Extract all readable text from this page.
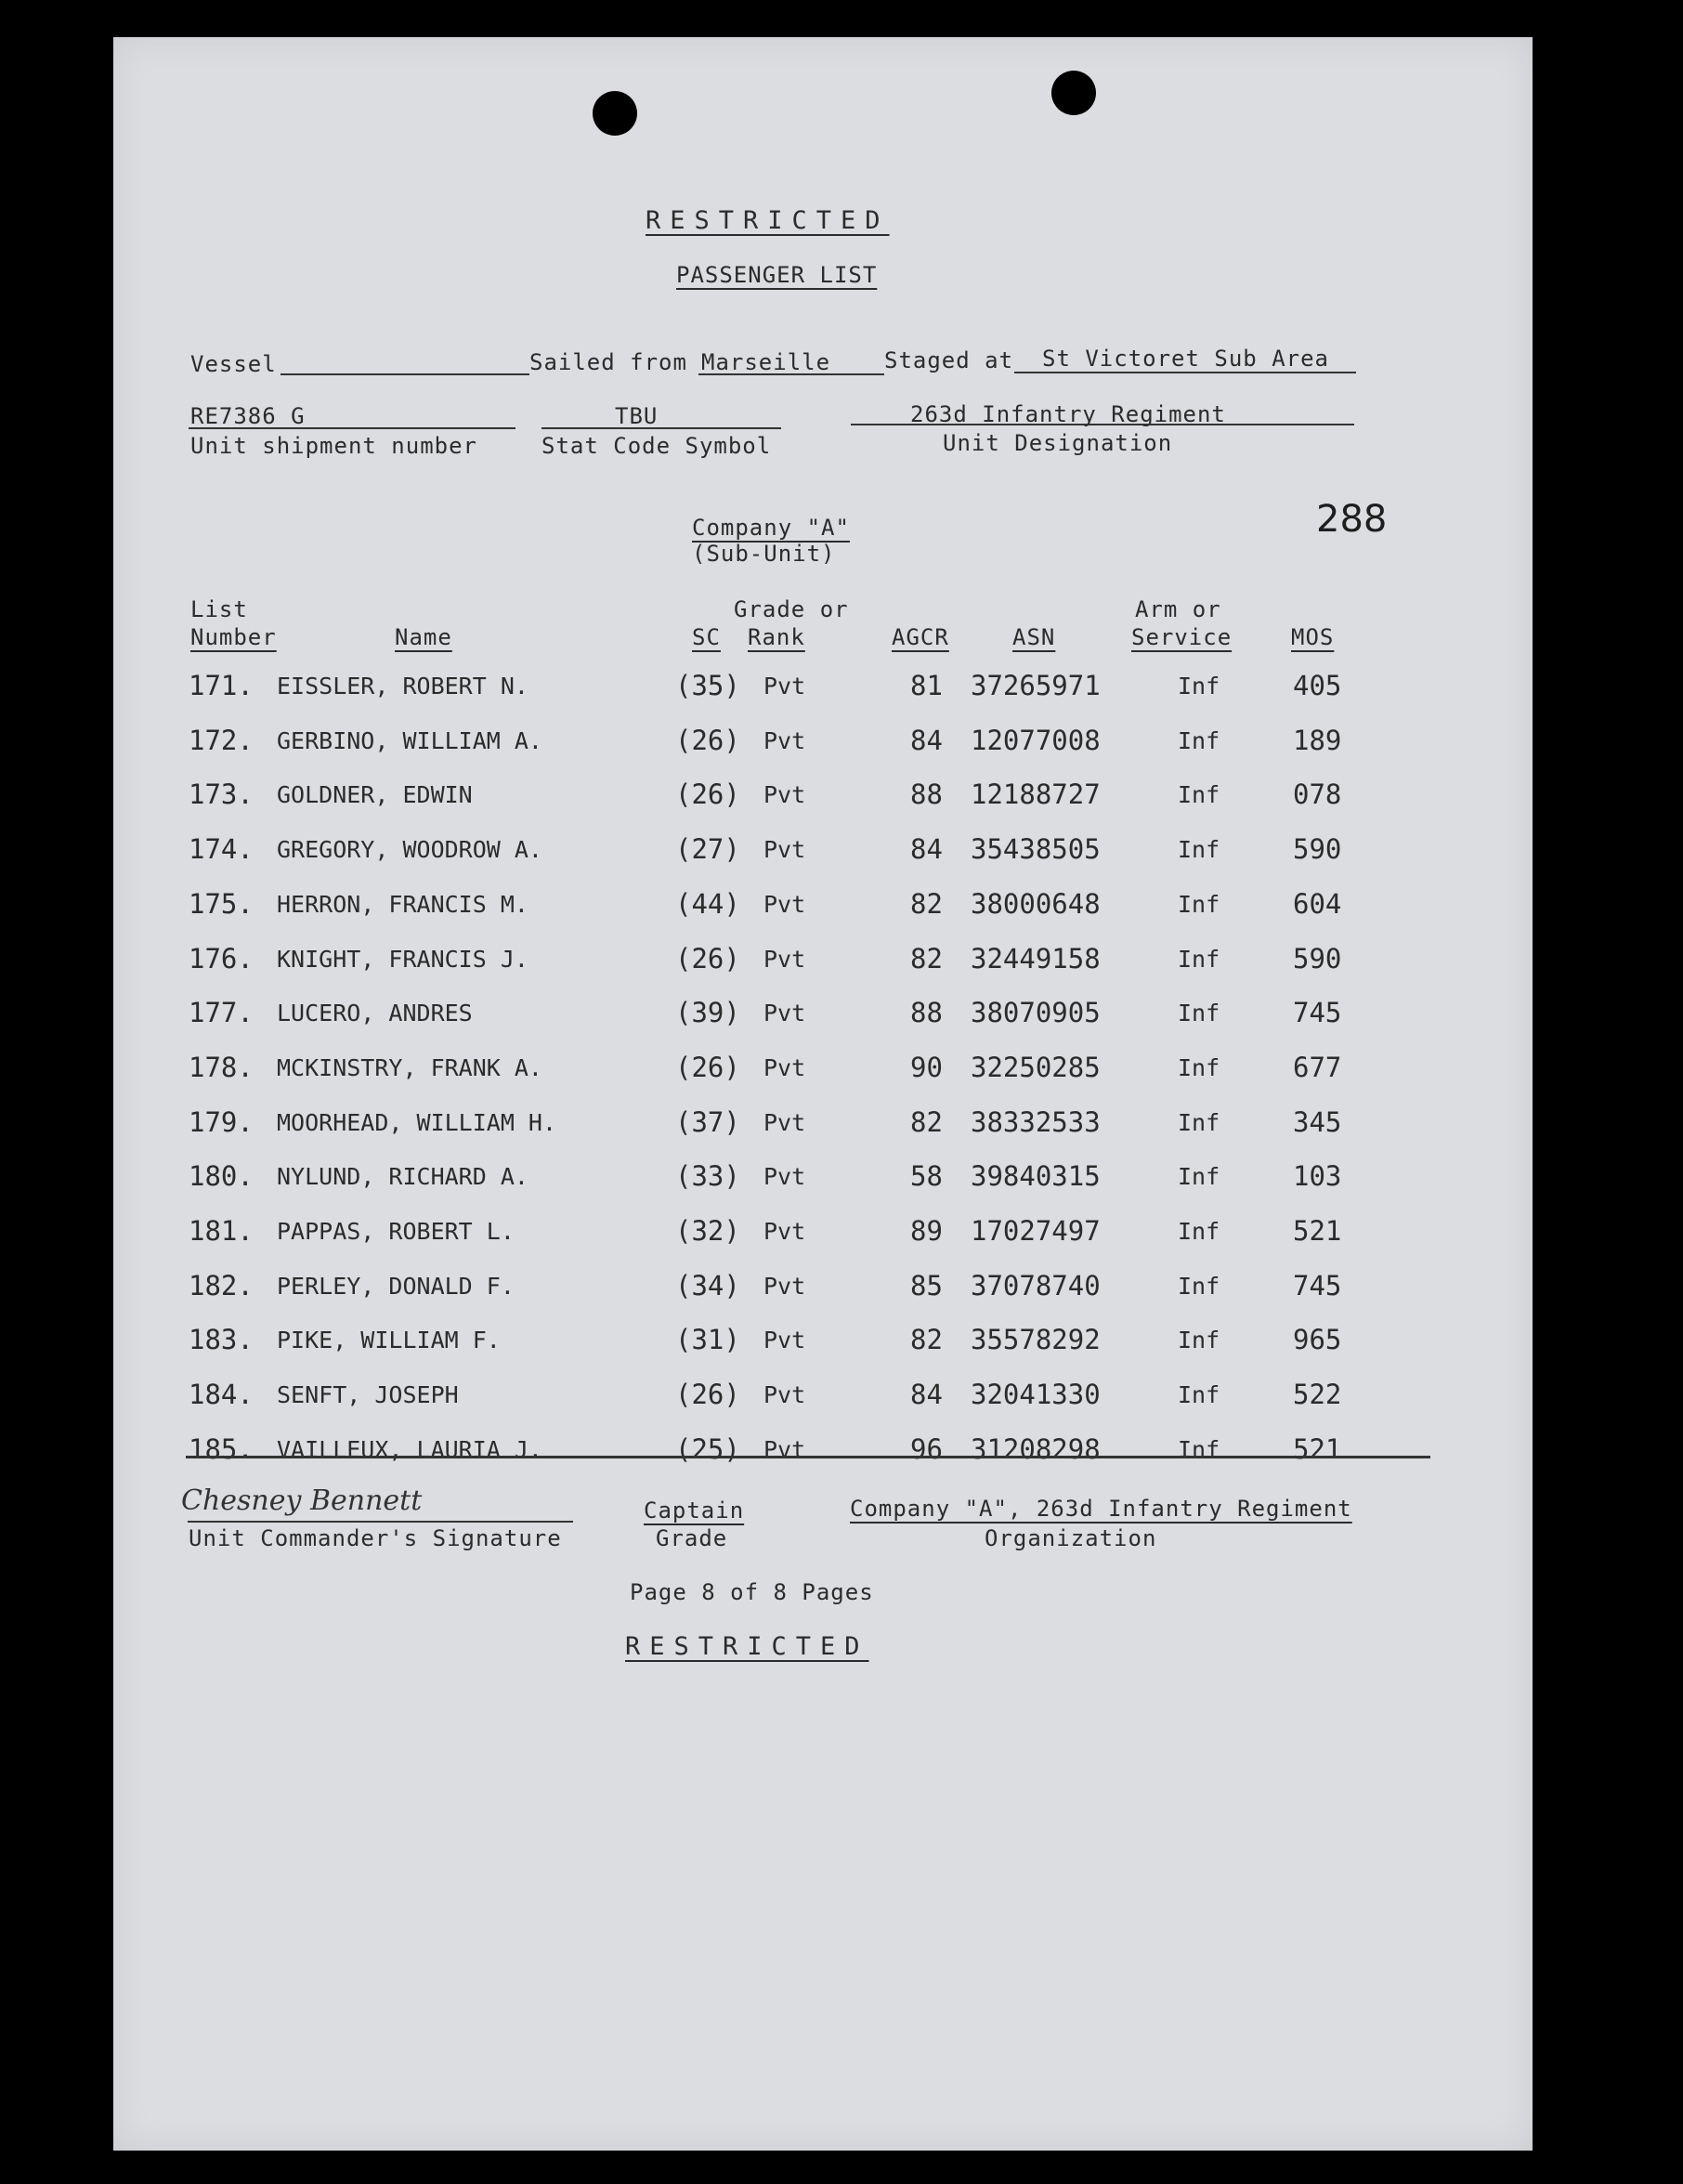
RESTRICTED
PASSENGER LIST
Vessel	Sailed from Marseille Staged at St Victoret Sub Area
RE7386 G
Unit shipment number
TBU
Stat Code Symbol
263d Infantry Regiment
Unit Designation
Company "A"
(Sub-Unit)
288
List
Number	Name
Grade or
SC Rank	AGCR	ASN
Arm or
Service	MOS
171. EISSLER, ROBERT N.	(35) Pvt	81 37265971	Inf	405
172. GERBINO, WILLIAM A.	(26) Pvt	84 12077008	Inf	189
173. GOLDNER, EDWIN	(26) Pvt	88 12188727	Inf	078
174. GREGORY, WOODROW A.	(27) Pvt	84 35438505	Inf	590
175. HERRON, FRANCIS M.	(44) Pvt	82 38000648	Inf	604
176. KNIGHT, FRANCIS J.	(26) Pvt	82 32449158	Inf	590
177. LUCERO, ANDRES	(39) Pvt	88 38070905	Inf	745
178. MCKINSTRY, FRANK A.	(26) Pvt	90 32250285	Inf	677
179. MOORHEAD, WILLIAM H.	(37) Pvt	82 38332533	Inf	345
180. NYLUND, RICHARD A.	(33) Pvt	58 39840315	Inf	103
181. PAPPAS, ROBERT L.	(32) Pvt	89 17027497	Inf	521
182. PERLEY, DONALD F.	(34) Pvt	85 37078740	Inf	745
183. PIKE, WILLIAM F.	(31) Pvt	82 35578292	Inf	965
184. SENFT, JOSEPH	(26) Pvt	84 32041330	Inf	522
185. VAILLEUX, LAURIA J.	(25) Pvt	96 31208298	Inf	521
Chesney Bennett
Unit Commander's Signature
Captain
Grade
Company "A", 263d Infantry Regiment
Organization
Page 8 of 8 Pages
RESTRICTED
